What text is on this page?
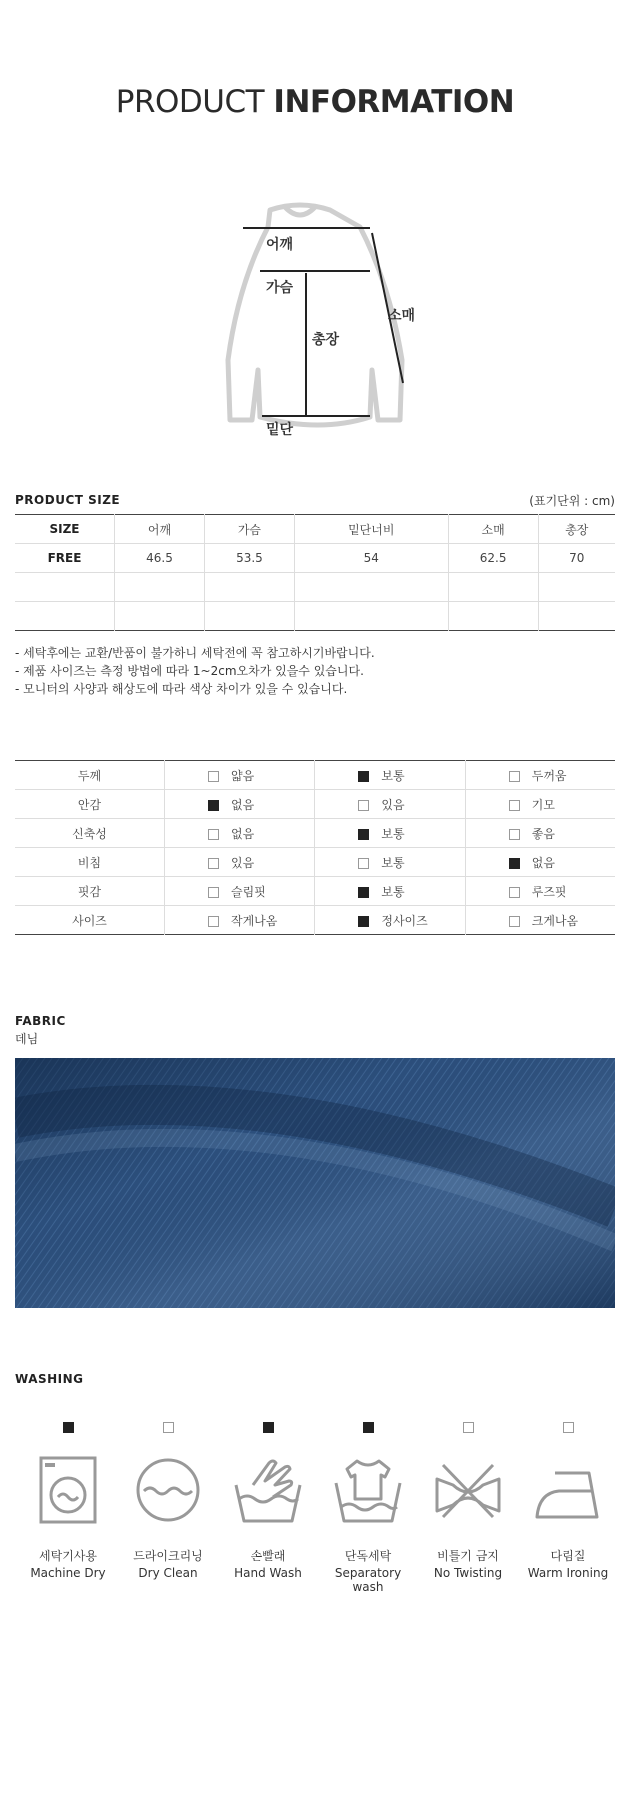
PRODUCT INFORMATION
어깨
가슴
총장
소매
밑단
PRODUCT SIZE	(표기단위 : cm)
SIZE	어깨	가슴	밑단너비	소매	총장
FREE	46.5	53.5	54	62.5	70

- 세탁후에는 교환/반품이 불가하니 세탁전에 꼭 참고하시기바랍니다.
- 제품 사이즈는 측정 방법에 따라 1~2cm오차가 있을수 있습니다.
- 모니터의 사양과 해상도에 따라 색상 차이가 있을 수 있습니다.
두께	얇음	보통	두꺼움
안감	없음	있음	기모
신축성	없음	보통	좋음
비침	있음	보통	없음
핏감	슬림핏	보통	루즈핏
사이즈	작게나옴	정사이즈	크게나옴
FABRIC
데님
WASHING
세탁기사용
Machine Dry
드라이크리닝
Dry Clean
손빨래
Hand Wash
단독세탁
Separatory wash
비틀기 금지
No Twisting
다림질
Warm Ironing
